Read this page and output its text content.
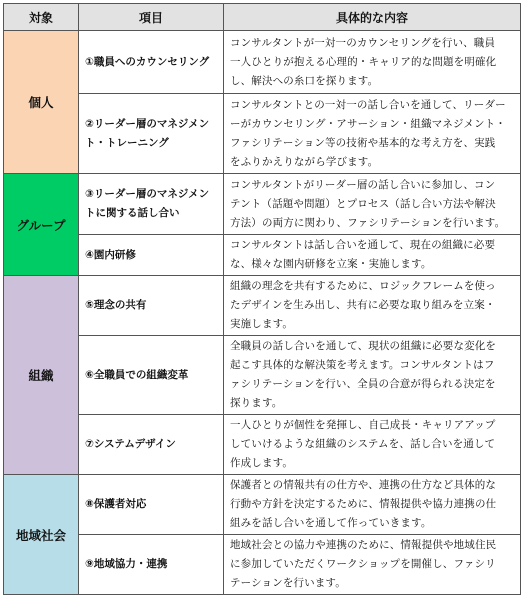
対象	項目	具体的な内容
個人	①職員へのカウンセリング	コンサルタントが一対一のカウンセリングを行い、職員
一人ひとりが抱える心理的・キャリア的な問題を明確化
し、解決への糸口を探ります。

	②リーダー層のマネジメント・トレーニング	コンサルタントとの一対一の話し合いを通して、リーダー
ーがカウンセリング・アサーション・組織マネジメント・
ファシリテーション等の技術や基本的な考え方を、実践
をふりかえりながら学びます。

グループ	③リーダー層のマネジメントに関する話し合い	コンサルタントがリーダー層の話し合いに参加し、コン
テント（話題や問題）とプロセス（話し合い方法や解決
方法）の両方に関わり、ファシリテーションを行います。

	④園内研修	コンサルタントは話し合いを通して、現在の組織に必要
な、様々な園内研修を立案・実施します。

組織	⑤理念の共有	組織の理念を共有するために、ロジックフレームを使っ
たデザインを生み出し、共有に必要な取り組みを立案・
実施します。

	⑥全職員での組織変革	全職員の話し合いを通して、現状の組織に必要な変化を
起こす具体的な解決策を考えます。コンサルタントはフ
ァシリテーションを行い、全員の合意が得られる決定を
探ります。

	⑦システムデザイン	一人ひとりが個性を発揮し、自己成長・キャリアアップ
していけるような組織のシステムを、話し合いを通して
作成します。

地域社会	⑧保護者対応	保護者との情報共有の仕方や、連携の仕方など具体的な
行動や方針を決定するために、情報提供や協力連携の仕
組みを話し合いを通して作っていきます。

	⑨地域協力・連携	地域社会との協力や連携のために、情報提供や地域住民
に参加していただくワークショップを開催し、ファシリ
テーションを行います。
